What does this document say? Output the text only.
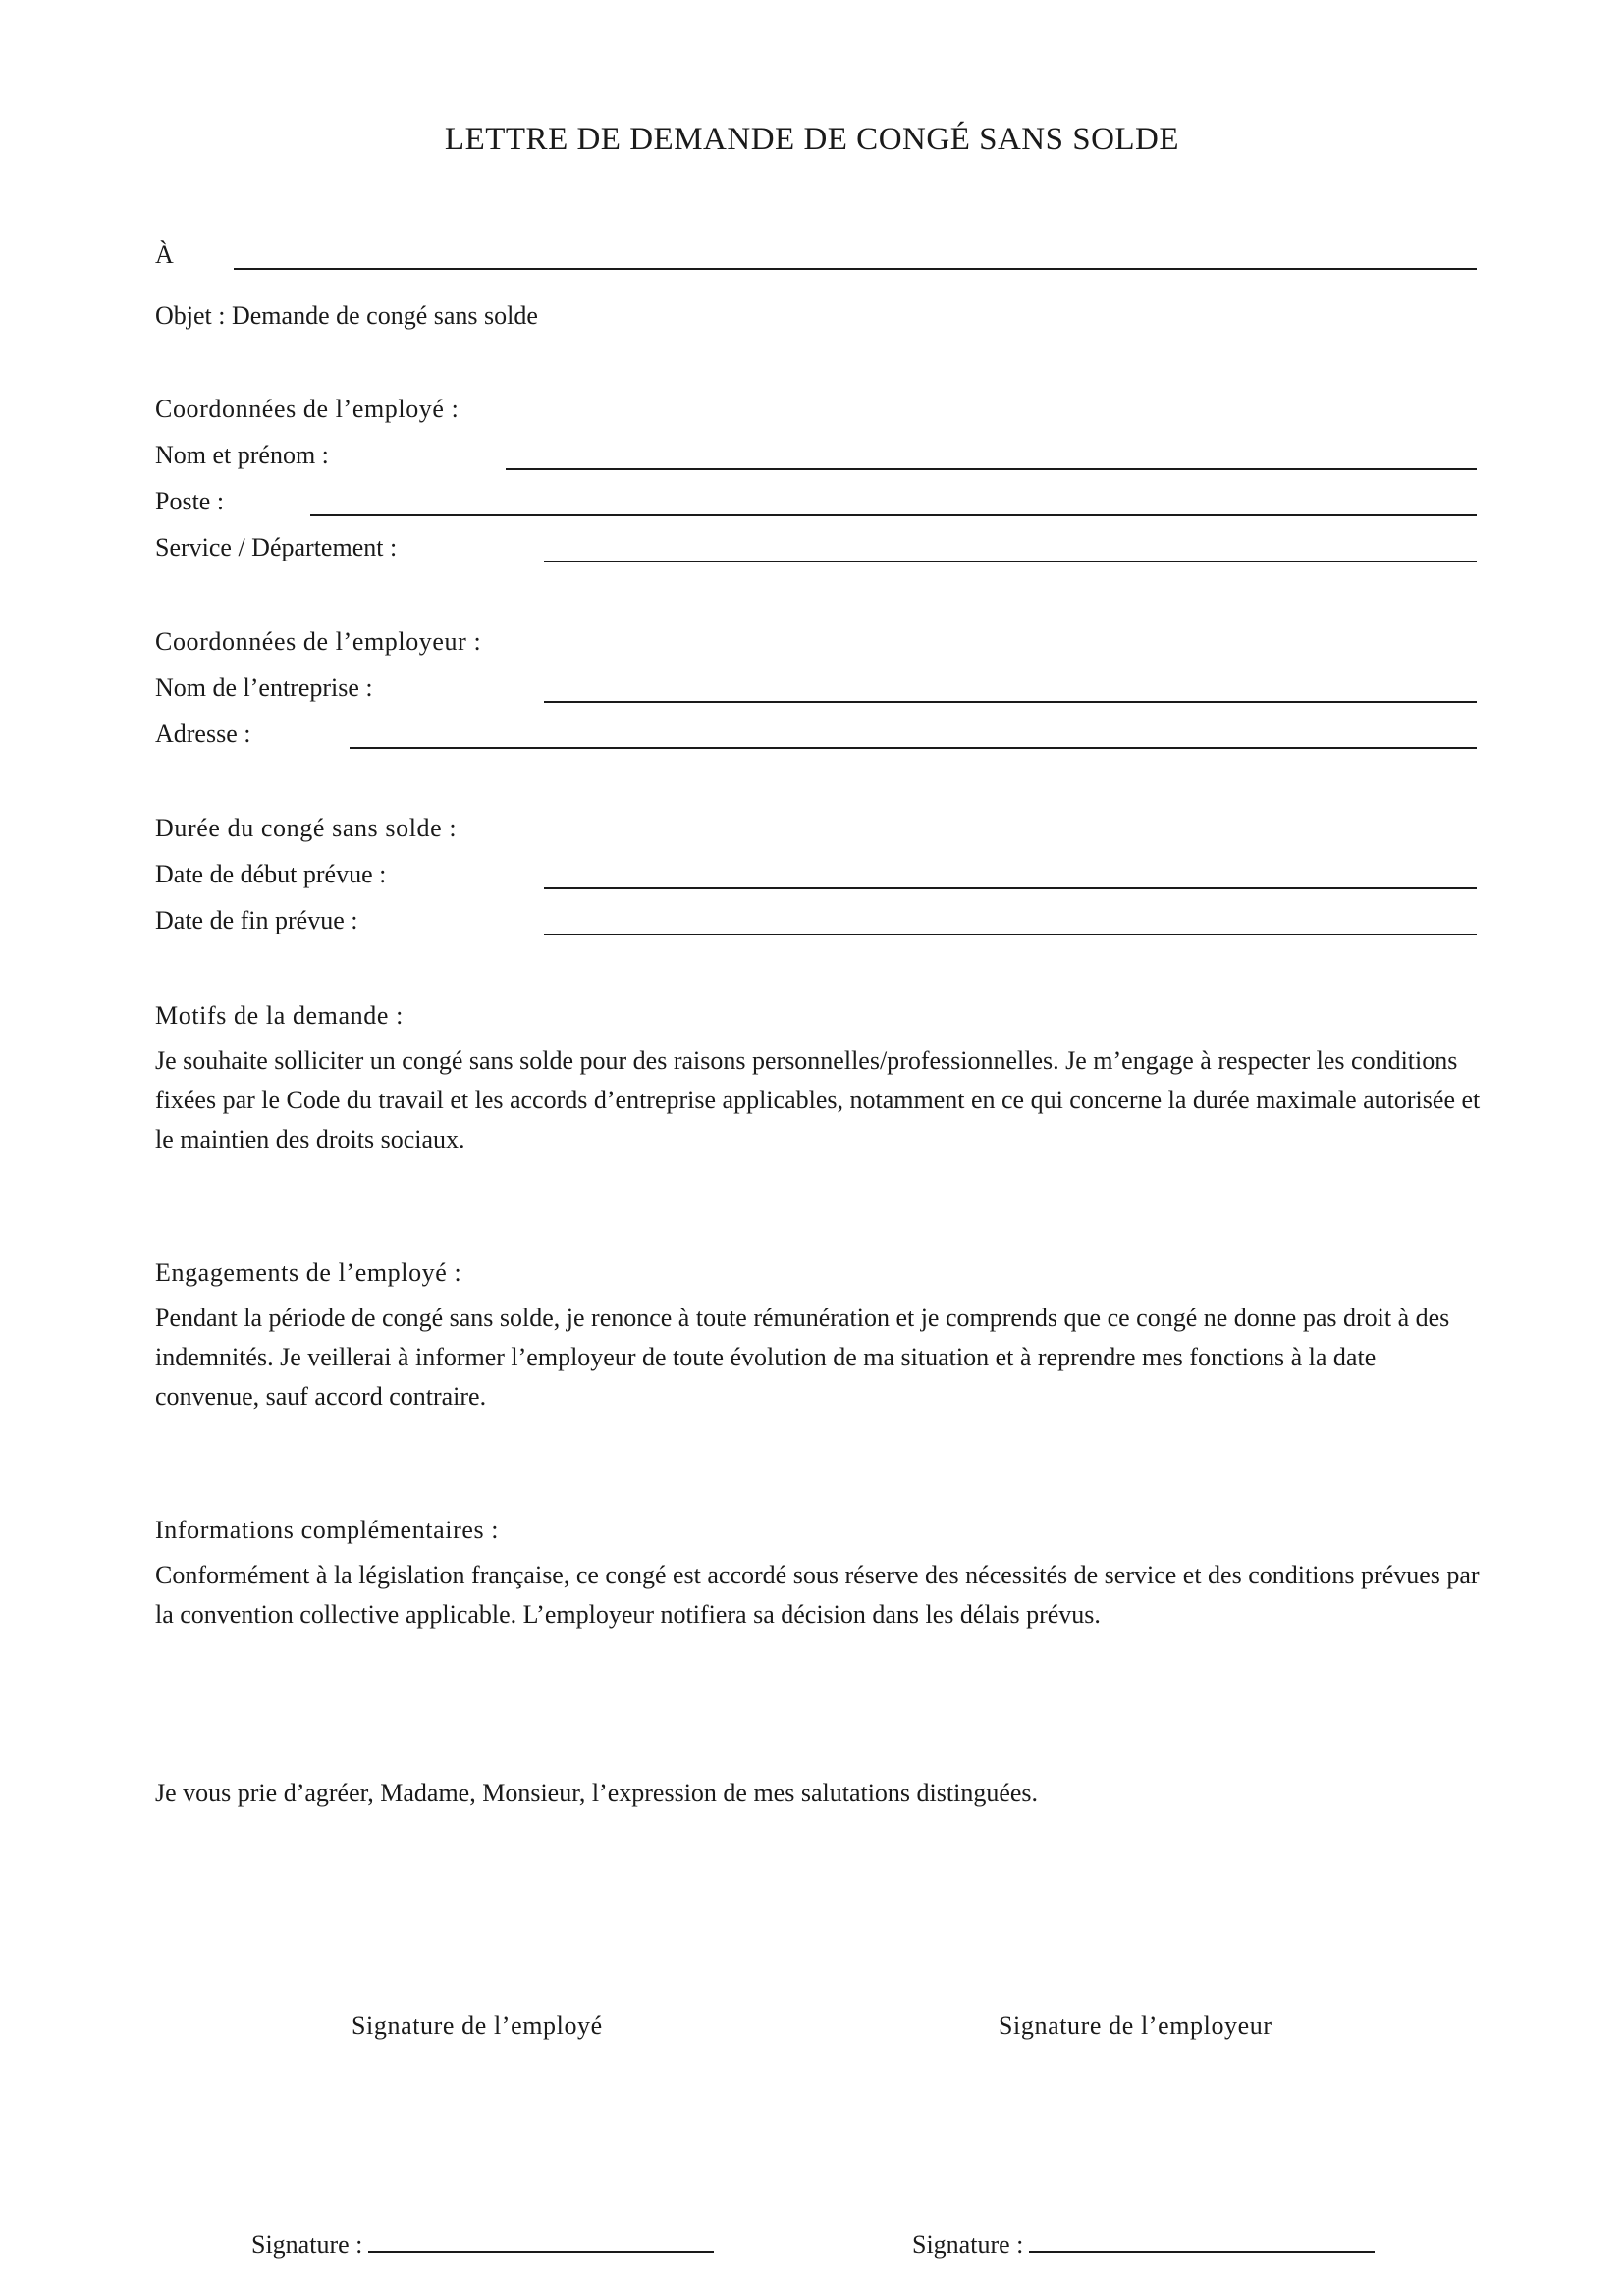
LETTRE DE DEMANDE DE CONGÉ SANS SOLDE
À
Objet : Demande de congé sans solde
Coordonnées de l’employé :
Nom et prénom :
Poste :
Service / Département :
Coordonnées de l’employeur :
Nom de l’entreprise :
Adresse :
Durée du congé sans solde :
Date de début prévue :
Date de fin prévue :
Motifs de la demande :
Je souhaite solliciter un congé sans solde pour des raisons personnelles/professionnelles. Je m’engage à respecter les conditions fixées par le Code du travail et les accords d’entreprise applicables, notamment en ce qui concerne la durée maximale autorisée et le maintien des droits sociaux.
Engagements de l’employé :
Pendant la période de congé sans solde, je renonce à toute rémunération et je comprends que ce congé ne donne pas droit à des indemnités. Je veillerai à informer l’employeur de toute évolution de ma situation et à reprendre mes fonctions à la date convenue, sauf accord contraire.
Informations complémentaires :
Conformément à la législation française, ce congé est accordé sous réserve des nécessités de service et des conditions prévues par la convention collective applicable. L’employeur notifiera sa décision dans les délais prévus.
Je vous prie d’agréer, Madame, Monsieur, l’expression de mes salutations distinguées.
Signature de l’employé	Signature de l’employeur
Signature :	Signature :
